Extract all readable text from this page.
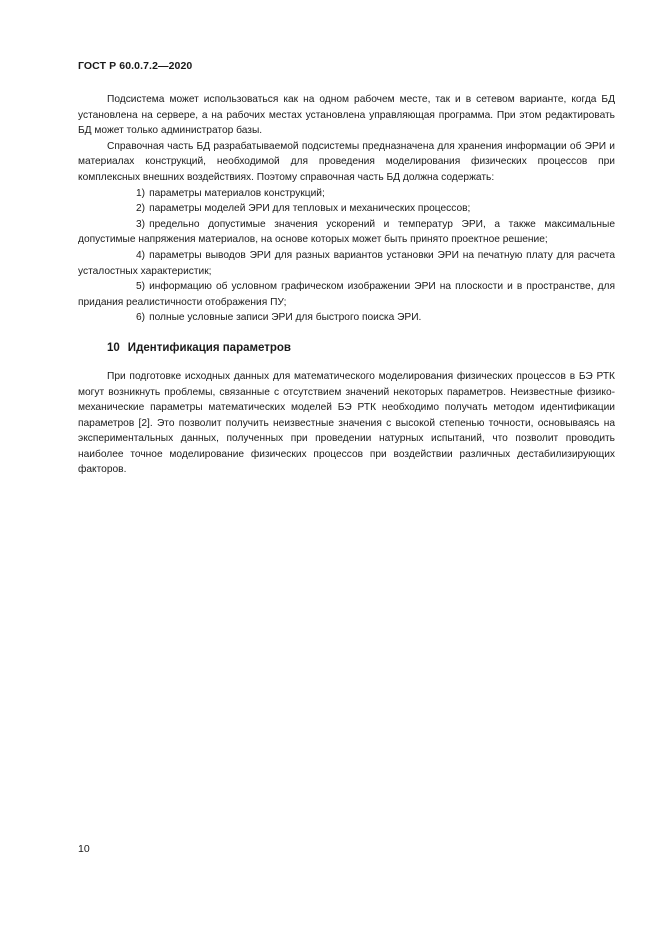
ГОСТ Р 60.0.7.2—2020

Подсистема может использоваться как на одном рабочем месте, так и в сетевом варианте, когда БД установлена на сервере, а на рабочих местах установлена управляющая программа. При этом редактировать БД может только администратор базы.

Справочная часть БД разрабатываемой подсистемы предназначена для хранения информации об ЭРИ и материалах конструкций, необходимой для проведения моделирования физических процессов при комплексных внешних воздействиях. Поэтому справочная часть БД должна содержать:

1) параметры материалов конструкций;

2) параметры моделей ЭРИ для тепловых и механических процессов;

3) предельно допустимые значения ускорений и температур ЭРИ, а также максимальные допустимые напряжения материалов, на основе которых может быть принято проектное решение;

4) параметры выводов ЭРИ для разных вариантов установки ЭРИ на печатную плату для расчета усталостных характеристик;

5) информацию об условном графическом изображении ЭРИ на плоскости и в пространстве, для придания реалистичности отображения ПУ;

6) полные условные записи ЭРИ для быстрого поиска ЭРИ.

10 Идентификация параметров

При подготовке исходных данных для математического моделирования физических процессов в БЭ РТК могут возникнуть проблемы, связанные с отсутствием значений некоторых параметров. Неизвестные физико-механические параметры математических моделей БЭ РТК необходимо получать методом идентификации параметров [2]. Это позволит получить неизвестные значения с высокой степенью точности, основываясь на экспериментальных данных, полученных при проведении натурных испытаний, что позволит проводить наиболее точное моделирование физических процессов при воздействии различных дестабилизирующих факторов.

10
